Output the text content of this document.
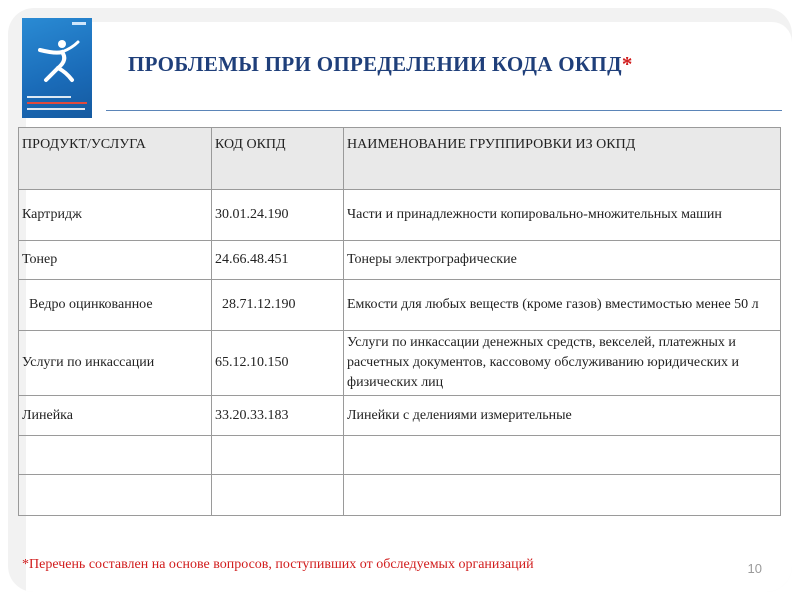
ПРОБЛЕМЫ ПРИ ОПРЕДЕЛЕНИИ КОДА ОКПД*
ПРОДУКТ/УСЛУГА	КОД ОКПД	НАИМЕНОВАНИЕ ГРУППИРОВКИ ИЗ ОКПД
Картридж	30.01.24.190	Части и принадлежности копировально-множительных машин
Тонер	24.66.48.451	Тонеры электрографические
Ведро оцинкованное	28.71.12.190	Емкости для любых веществ (кроме газов) вместимостью менее 50 л
Услуги по инкассации	65.12.10.150	Услуги по инкассации денежных средств, векселей, платежных и расчетных документов, кассовому обслуживанию юридических и физических лиц
Линейка	33.20.33.183	Линейки с делениями измерительные

*Перечень составлен на основе вопросов, поступивших от обследуемых организаций	10
